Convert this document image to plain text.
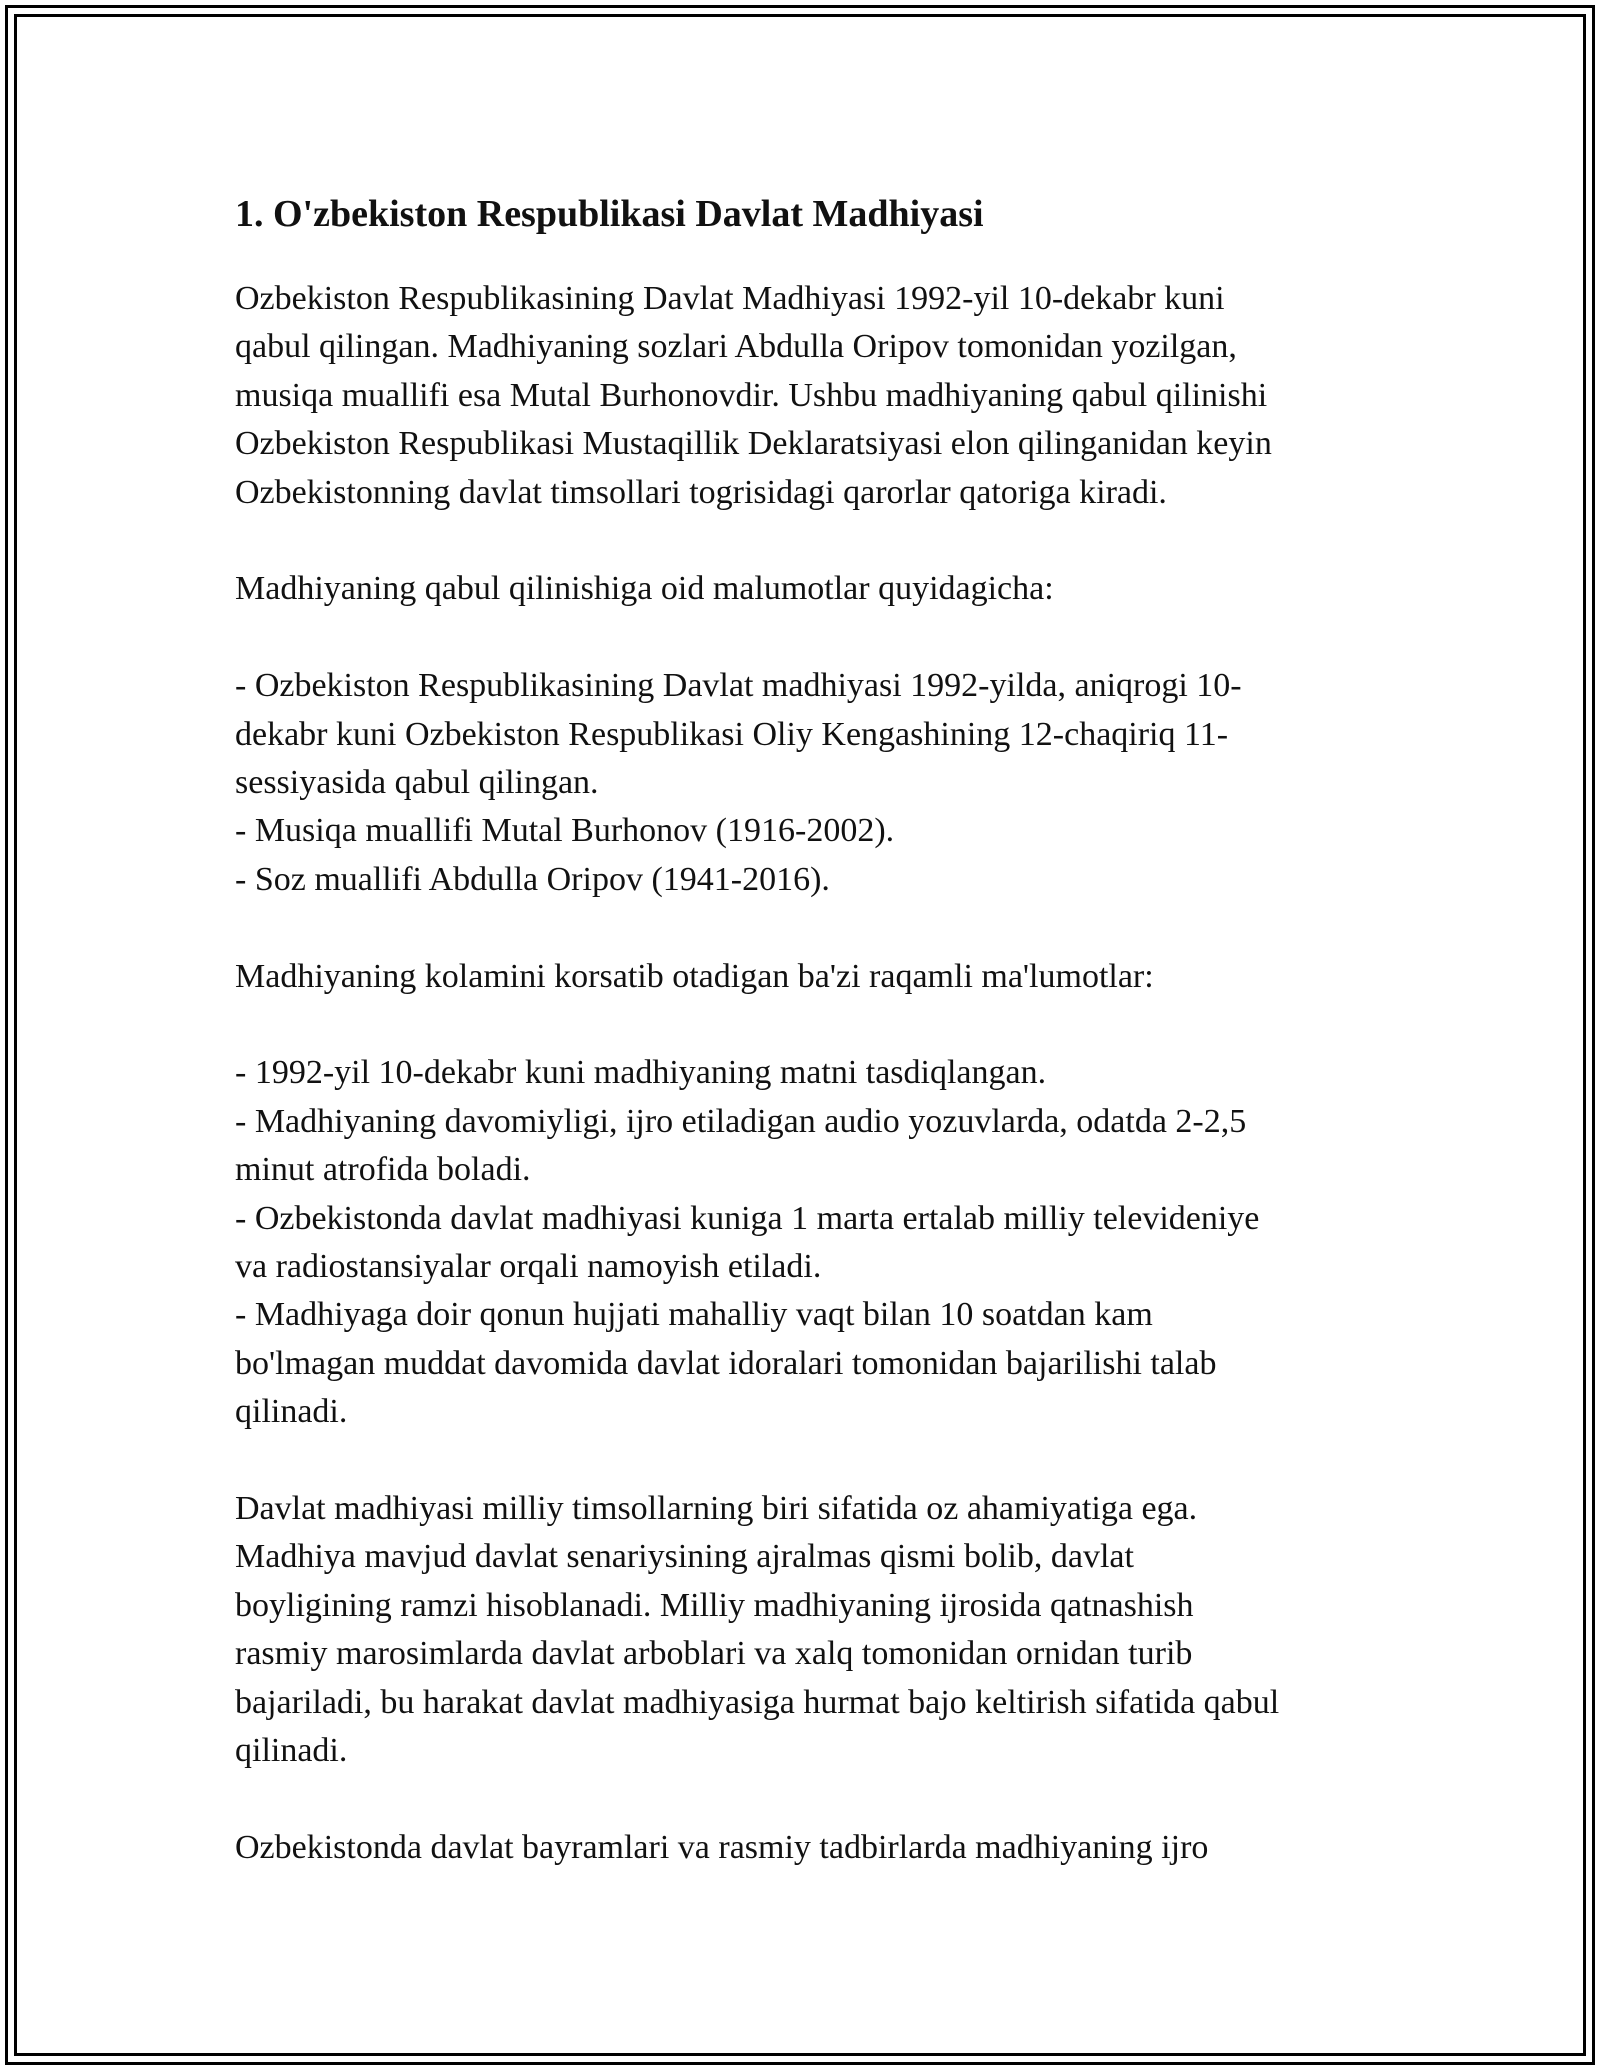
1. O'zbekiston Respublikasi Davlat Madhiyasi
Ozbekiston Respublikasining Davlat Madhiyasi 1992-yil 10-dekabr kuni
qabul qilingan. Madhiyaning sozlari Abdulla Oripov tomonidan yozilgan,
musiqa muallifi esa Mutal Burhonovdir. Ushbu madhiyaning qabul qilinishi
Ozbekiston Respublikasi Mustaqillik Deklaratsiyasi elon qilinganidan keyin
Ozbekistonning davlat timsollari togrisidagi qarorlar qatoriga kiradi.
Madhiyaning qabul qilinishiga oid malumotlar quyidagicha:
- Ozbekiston Respublikasining Davlat madhiyasi 1992-yilda, aniqrogi 10-
dekabr kuni Ozbekiston Respublikasi Oliy Kengashining 12-chaqiriq 11-
sessiyasida qabul qilingan.
- Musiqa muallifi Mutal Burhonov (1916-2002).
- Soz muallifi Abdulla Oripov (1941-2016).
Madhiyaning kolamini korsatib otadigan ba'zi raqamli ma'lumotlar:
- 1992-yil 10-dekabr kuni madhiyaning matni tasdiqlangan.
- Madhiyaning davomiyligi, ijro etiladigan audio yozuvlarda, odatda 2-2,5
minut atrofida boladi.
- Ozbekistonda davlat madhiyasi kuniga 1 marta ertalab milliy televideniye
va radiostansiyalar orqali namoyish etiladi.
- Madhiyaga doir qonun hujjati mahalliy vaqt bilan 10 soatdan kam
bo'lmagan muddat davomida davlat idoralari tomonidan bajarilishi talab
qilinadi.
Davlat madhiyasi milliy timsollarning biri sifatida oz ahamiyatiga ega.
Madhiya mavjud davlat senariysining ajralmas qismi bolib, davlat
boyligining ramzi hisoblanadi. Milliy madhiyaning ijrosida qatnashish
rasmiy marosimlarda davlat arboblari va xalq tomonidan ornidan turib
bajariladi, bu harakat davlat madhiyasiga hurmat bajo keltirish sifatida qabul
qilinadi.
Ozbekistonda davlat bayramlari va rasmiy tadbirlarda madhiyaning ijro
